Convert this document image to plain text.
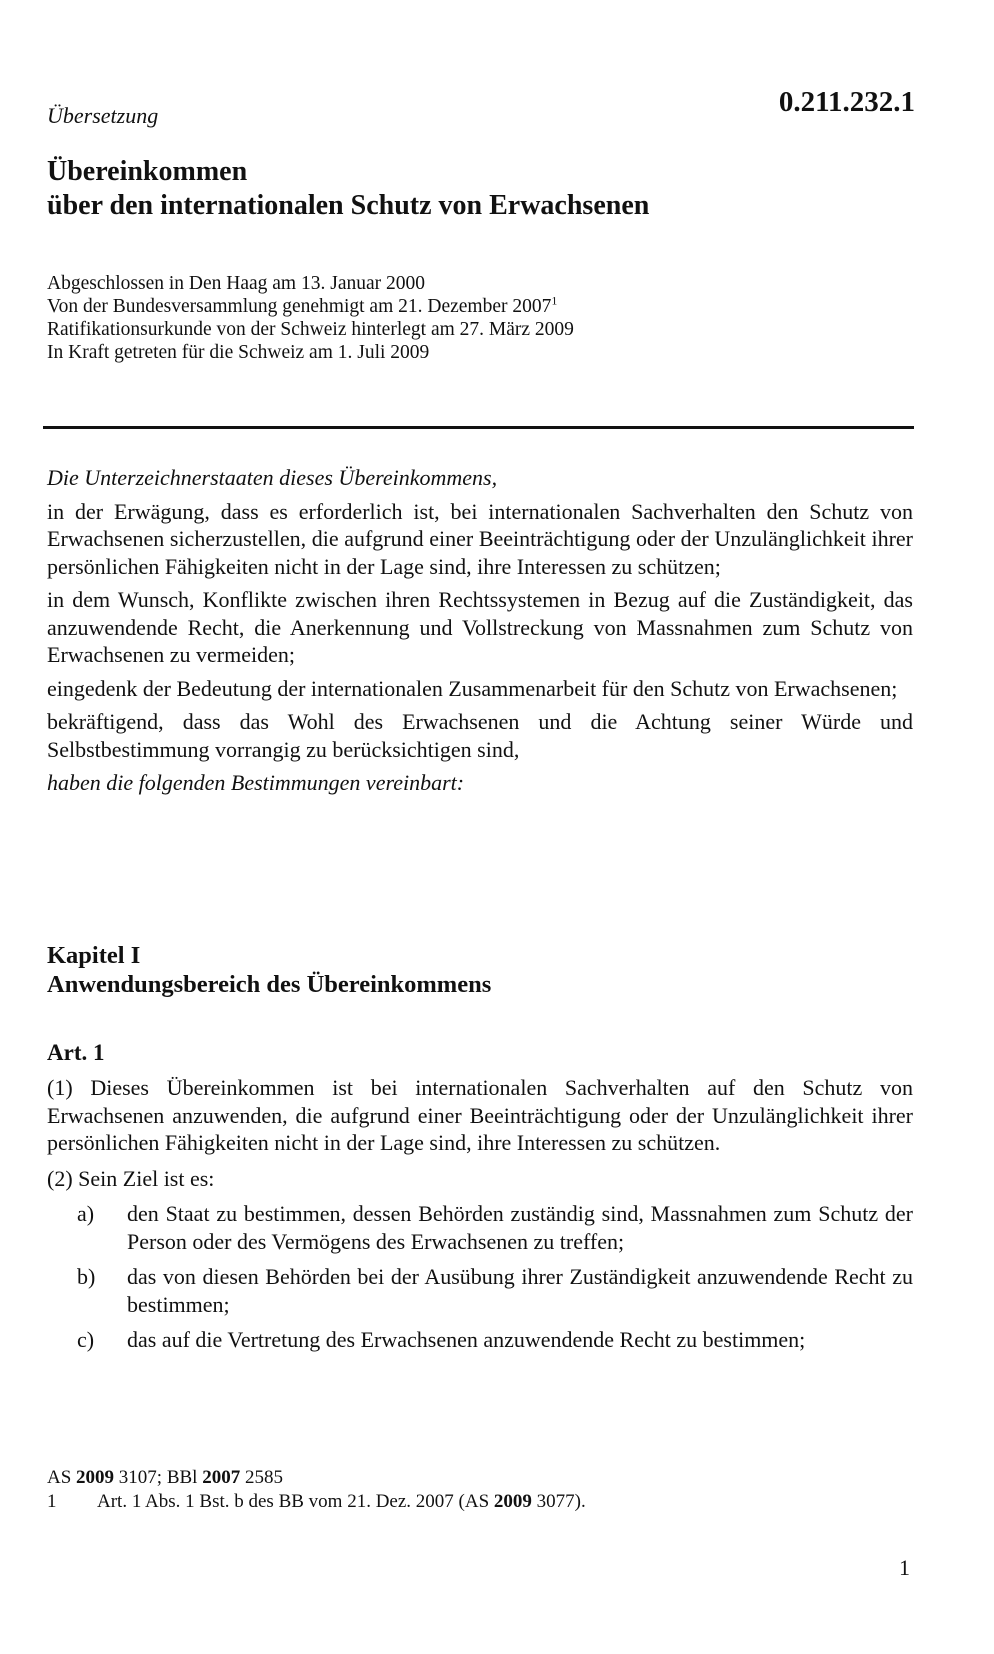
Übersetzung	0.211.232.1
Übereinkommen
über den internationalen Schutz von Erwachsenen
Abgeschlossen in Den Haag am 13. Januar 2000
Von der Bundesversammlung genehmigt am 21. Dezember 2007$^1$
Ratifikationsurkunde von der Schweiz hinterlegt am 27. März 2009
In Kraft getreten für die Schweiz am 1. Juli 2009
Die Unterzeichnerstaaten dieses Übereinkommens,
in der Erwägung, dass es erforderlich ist, bei internationalen Sachverhalten den Schutz von Erwachsenen sicherzustellen, die aufgrund einer Beeinträchtigung oder der Unzulänglichkeit ihrer persönlichen Fähigkeiten nicht in der Lage sind, ihre Interessen zu schützen;
in dem Wunsch, Konflikte zwischen ihren Rechtssystemen in Bezug auf die Zuständigkeit, das anzuwendende Recht, die Anerkennung und Vollstreckung von Massnahmen zum Schutz von Erwachsenen zu vermeiden;
eingedenk der Bedeutung der internationalen Zusammenarbeit für den Schutz von Erwachsenen;
bekräftigend, dass das Wohl des Erwachsenen und die Achtung seiner Würde und Selbstbestimmung vorrangig zu berücksichtigen sind,
haben die folgenden Bestimmungen vereinbart:
Kapitel I
Anwendungsbereich des Übereinkommens
Art. 1
(1) Dieses Übereinkommen ist bei internationalen Sachverhalten auf den Schutz von Erwachsenen anzuwenden, die aufgrund einer Beeinträchtigung oder der Unzulänglichkeit ihrer persönlichen Fähigkeiten nicht in der Lage sind, ihre Interessen zu schützen.
(2) Sein Ziel ist es:
a)	den Staat zu bestimmen, dessen Behörden zuständig sind, Massnahmen zum Schutz der Person oder des Vermögens des Erwachsenen zu treffen;
b)	das von diesen Behörden bei der Ausübung ihrer Zuständigkeit anzuwendende Recht zu bestimmen;
c)	das auf die Vertretung des Erwachsenen anzuwendende Recht zu bestimmen;
AS 2009 3107; BBl 2007 2585
1	Art. 1 Abs. 1 Bst. b des BB vom 21. Dez. 2007 (AS 2009 3077).
1
